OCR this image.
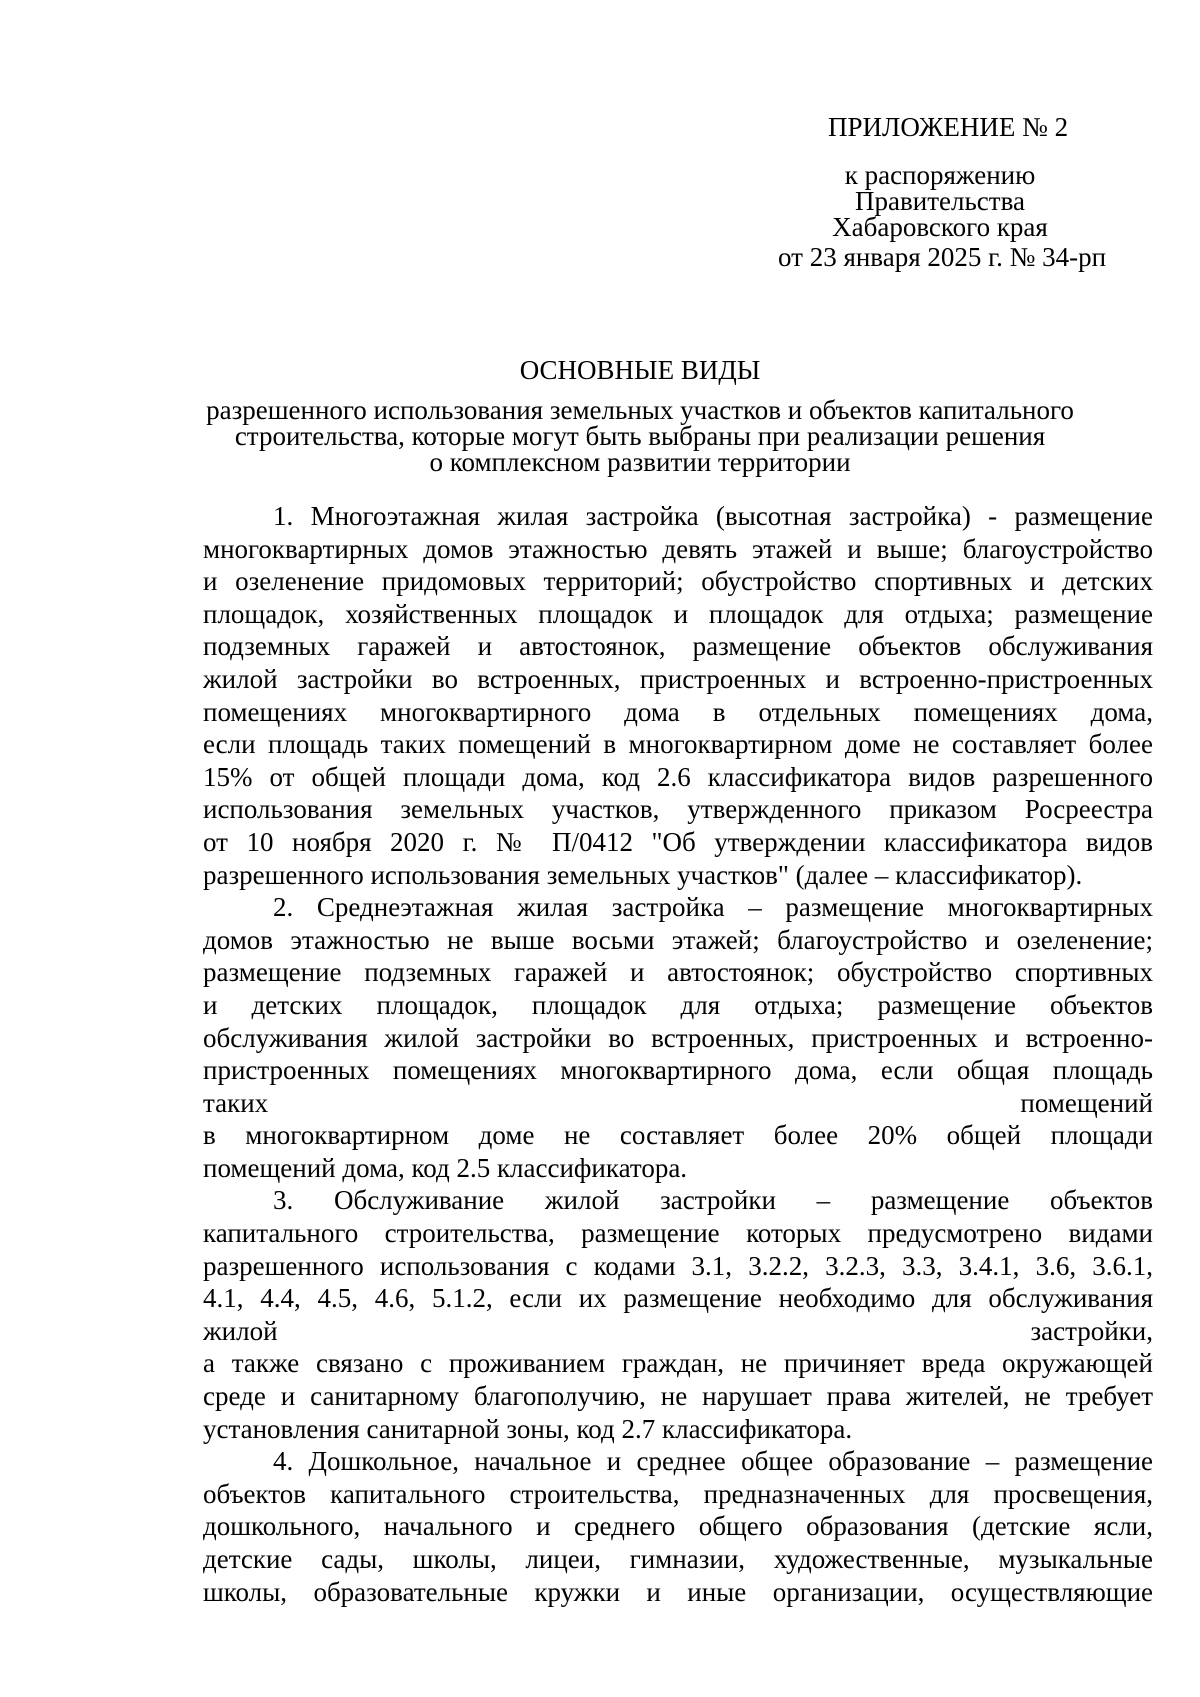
ПРИЛОЖЕНИЕ № 2
к распоряжению
Правительства
Хабаровского края
от 23 января 2025 г. № 34-рп
ОСНОВНЫЕ ВИДЫ
разрешенного использования земельных участков и объектов капитального
строительства, которые могут быть выбраны при реализации решения
о комплексном развитии территории
1. Многоэтажная жилая застройка (высотная застройка) - размещение
многоквартирных домов этажностью девять этажей и выше; благоустройство
и озеленение придомовых территорий; обустройство спортивных и детских
площадок, хозяйственных площадок и площадок для отдыха; размещение
подземных гаражей и автостоянок, размещение объектов обслуживания
жилой застройки во встроенных, пристроенных и встроенно-пристроенных
помещениях многоквартирного дома в отдельных помещениях дома,
если площадь таких помещений в многоквартирном доме не составляет более
15% от общей площади дома, код 2.6 классификатора видов разрешенного
использования земельных участков, утвержденного приказом Росреестра
от 10 ноября 2020 г. № П/0412 "Об утверждении классификатора видов
разрешенного использования земельных участков" (далее – классификатор).
2. Среднеэтажная жилая застройка – размещение многоквартирных
домов этажностью не выше восьми этажей; благоустройство и озеленение;
размещение подземных гаражей и автостоянок; обустройство спортивных
и детских площадок, площадок для отдыха; размещение объектов
обслуживания жилой застройки во встроенных, пристроенных и встроенно-
пристроенных помещениях многоквартирного дома, если общая площадь
таких помещений
в многоквартирном доме не составляет более 20% общей площади
помещений дома, код 2.5 классификатора.
3. Обслуживание жилой застройки – размещение объектов
капитального строительства, размещение которых предусмотрено видами
разрешенного использования с кодами 3.1, 3.2.2, 3.2.3, 3.3, 3.4.1, 3.6, 3.6.1,
4.1, 4.4, 4.5, 4.6, 5.1.2, если их размещение необходимо для обслуживания
жилой застройки,
а также связано с проживанием граждан, не причиняет вреда окружающей
среде и санитарному благополучию, не нарушает права жителей, не требует
установления санитарной зоны, код 2.7 классификатора.
4. Дошкольное, начальное и среднее общее образование – размещение
объектов капитального строительства, предназначенных для просвещения,
дошкольного, начального и среднего общего образования (детские ясли,
детские сады, школы, лицеи, гимназии, художественные, музыкальные
школы, образовательные кружки и иные организации, осуществляющие
